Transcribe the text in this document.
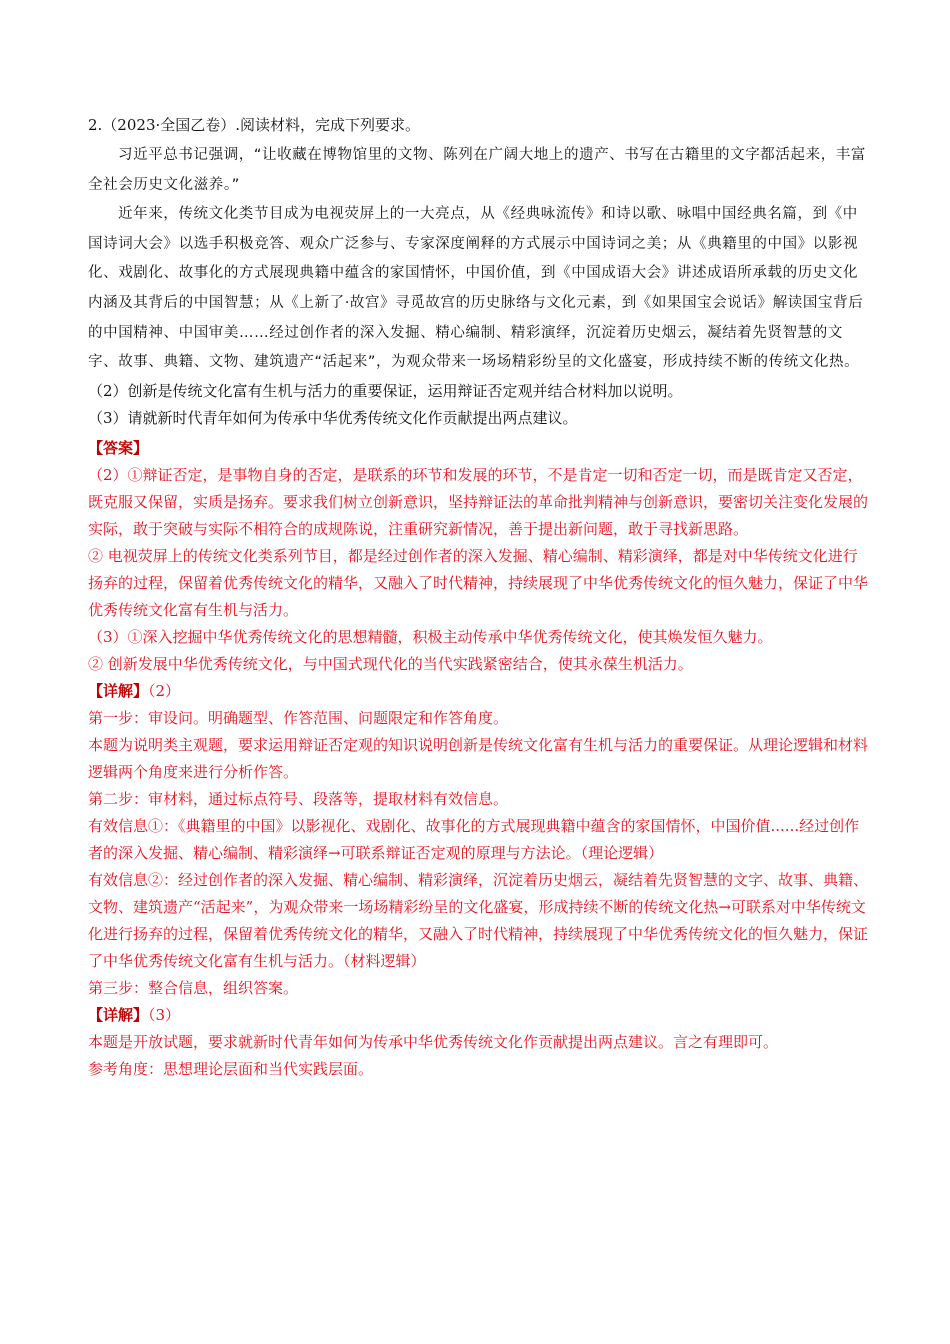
2.（2023·全国乙卷）.阅读材料，完成下列要求。

习近平总书记强调，“让收藏在博物馆里的文物、陈列在广阔大地上的遗产、书写在古籍里的文字都活起来，丰富全社会历史文化滋养。”

近年来，传统文化类节目成为电视荧屏上的一大亮点，从《经典咏流传》和诗以歌、咏唱中国经典名篇，到《中国诗词大会》以选手积极竞答、观众广泛参与、专家深度阐释的方式展示中国诗词之美；从《典籍里的中国》以影视化、戏剧化、故事化的方式展现典籍中蕴含的家国情怀，中国价值，到《中国成语大会》讲述成语所承载的历史文化内涵及其背后的中国智慧；从《上新了·故宫》寻觅故宫的历史脉络与文化元素，到《如果国宝会说话》解读国宝背后的中国精神、中国审美……经过创作者的深入发掘、精心编制、精彩演绎，沉淀着历史烟云，凝结着先贤智慧的文字、故事、典籍、文物、建筑遗产“活起来”，为观众带来一场场精彩纷呈的文化盛宴，形成持续不断的传统文化热。

（2）创新是传统文化富有生机与活力的重要保证，运用辩证否定观并结合材料加以说明。

（3）请就新时代青年如何为传承中华优秀传统文化作贡献提出两点建议。

【答案】

（2）①辩证否定，是事物自身的否定，是联系的环节和发展的环节，不是肯定一切和否定一切，而是既肯定又否定，既克服又保留，实质是扬弃。要求我们树立创新意识，坚持辩证法的革命批判精神与创新意识，要密切关注变化发展的实际，敢于突破与实际不相符合的成规陈说，注重研究新情况，善于提出新问题，敢于寻找新思路。

② 电视荧屏上的传统文化类系列节目，都是经过创作者的深入发掘、精心编制、精彩演绎，都是对中华传统文化进行扬弃的过程，保留着优秀传统文化的精华，又融入了时代精神，持续展现了中华优秀传统文化的恒久魅力，保证了中华优秀传统文化富有生机与活力。

（3）①深入挖掘中华优秀传统文化的思想精髓，积极主动传承中华优秀传统文化，使其焕发恒久魅力。

② 创新发展中华优秀传统文化，与中国式现代化的当代实践紧密结合，使其永葆生机活力。

【详解】（2）

第一步：审设问。明确题型、作答范围、问题限定和作答角度。

本题为说明类主观题，要求运用辩证否定观的知识说明创新是传统文化富有生机与活力的重要保证。从理论逻辑和材料逻辑两个角度来进行分析作答。

第二步：审材料，通过标点符号、段落等，提取材料有效信息。

有效信息①：《典籍里的中国》以影视化、戏剧化、故事化的方式展现典籍中蕴含的家国情怀，中国价值......经过创作者的深入发掘、精心编制、精彩演绎→可联系辩证否定观的原理与方法论。（理论逻辑）

有效信息②：经过创作者的深入发掘、精心编制、精彩演绎，沉淀着历史烟云，凝结着先贤智慧的文字、故事、典籍、文物、建筑遗产“活起来”，为观众带来一场场精彩纷呈的文化盛宴，形成持续不断的传统文化热→可联系对中华传统文化进行扬弃的过程，保留着优秀传统文化的精华，又融入了时代精神，持续展现了中华优秀传统文化的恒久魅力，保证了中华优秀传统文化富有生机与活力。（材料逻辑）

第三步：整合信息，组织答案。

【详解】（3）

本题是开放试题，要求就新时代青年如何为传承中华优秀传统文化作贡献提出两点建议。言之有理即可。

参考角度：思想理论层面和当代实践层面。
